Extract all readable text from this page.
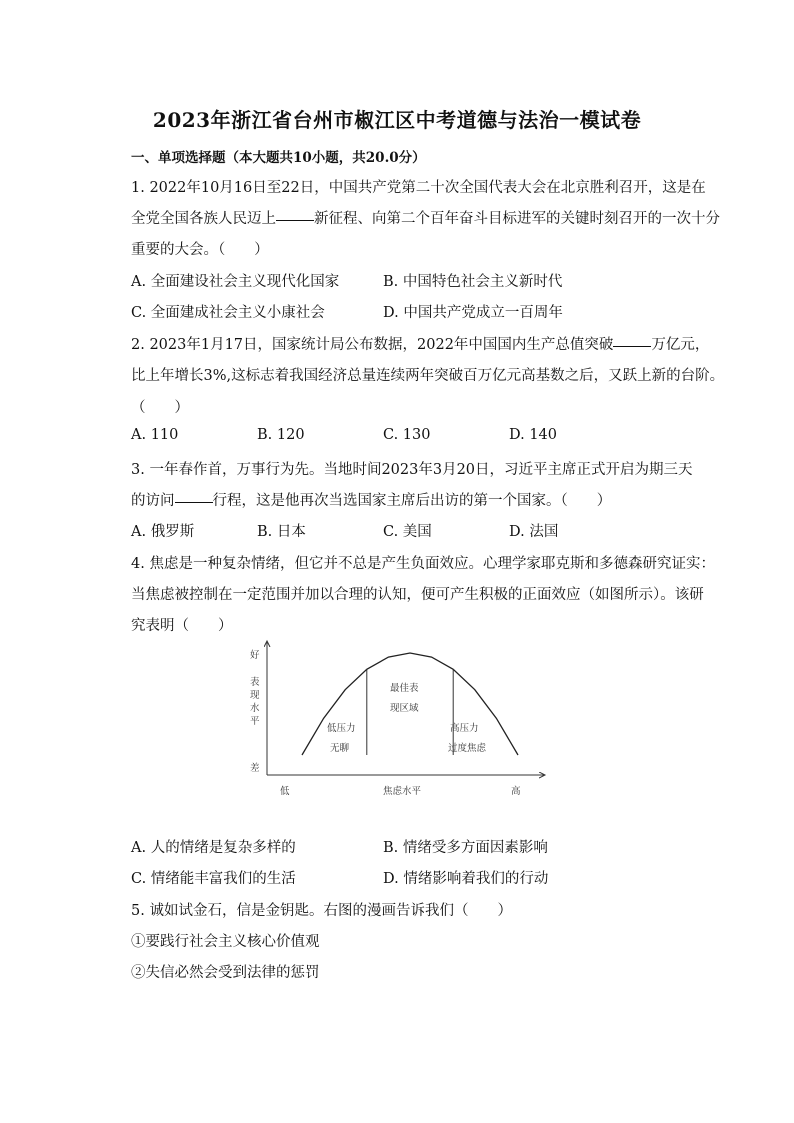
2023年浙江省台州市椒江区中考道德与法治一模试卷
一、单项选择题（本大题共10小题，共20.0分）
1. 2022年10月16日至22日，中国共产党第二十次全国代表大会在北京胜利召开，这是在
全党全国各族人民迈上	新征程、向第二个百年奋斗目标进军的关键时刻召开的一次十分
重要的大会。（　　）
A. 全面建设社会主义现代化国家	B. 中国特色社会主义新时代
C. 全面建成社会主义小康社会	D. 中国共产党成立一百周年
2. 2023年1月17日，国家统计局公布数据，2022年中国国内生产总值突破	万亿元，
比上年增长3%,这标志着我国经济总量连续两年突破百万亿元高基数之后，又跃上新的台阶。
（　　）
A. 110	B. 120	C. 130	D. 140
3. 一年春作首，万事行为先。当地时间2023年3月20日，习近平主席正式开启为期三天
的访问	行程，这是他再次当选国家主席后出访的第一个国家。（　　）
A. 俄罗斯	B. 日本	C. 美国	D. 法国
4. 焦虑是一种复杂情绪，但它并不总是产生负面效应。心理学家耶克斯和多德森研究证实：
当焦虑被控制在一定范围并加以合理的认知，便可产生积极的正面效应（如图所示）。该研
究表明（　　）
好
差
表
现
水
平
低	焦虑水平	高
低压力
无聊
最佳表
现区域
高压力
过度焦虑
A. 人的情绪是复杂多样的	B. 情绪受多方面因素影响
C. 情绪能丰富我们的生活	D. 情绪影响着我们的行动
5. 诚如试金石，信是金钥匙。右图的漫画告诉我们（　　）
①要践行社会主义核心价值观
②失信必然会受到法律的惩罚
